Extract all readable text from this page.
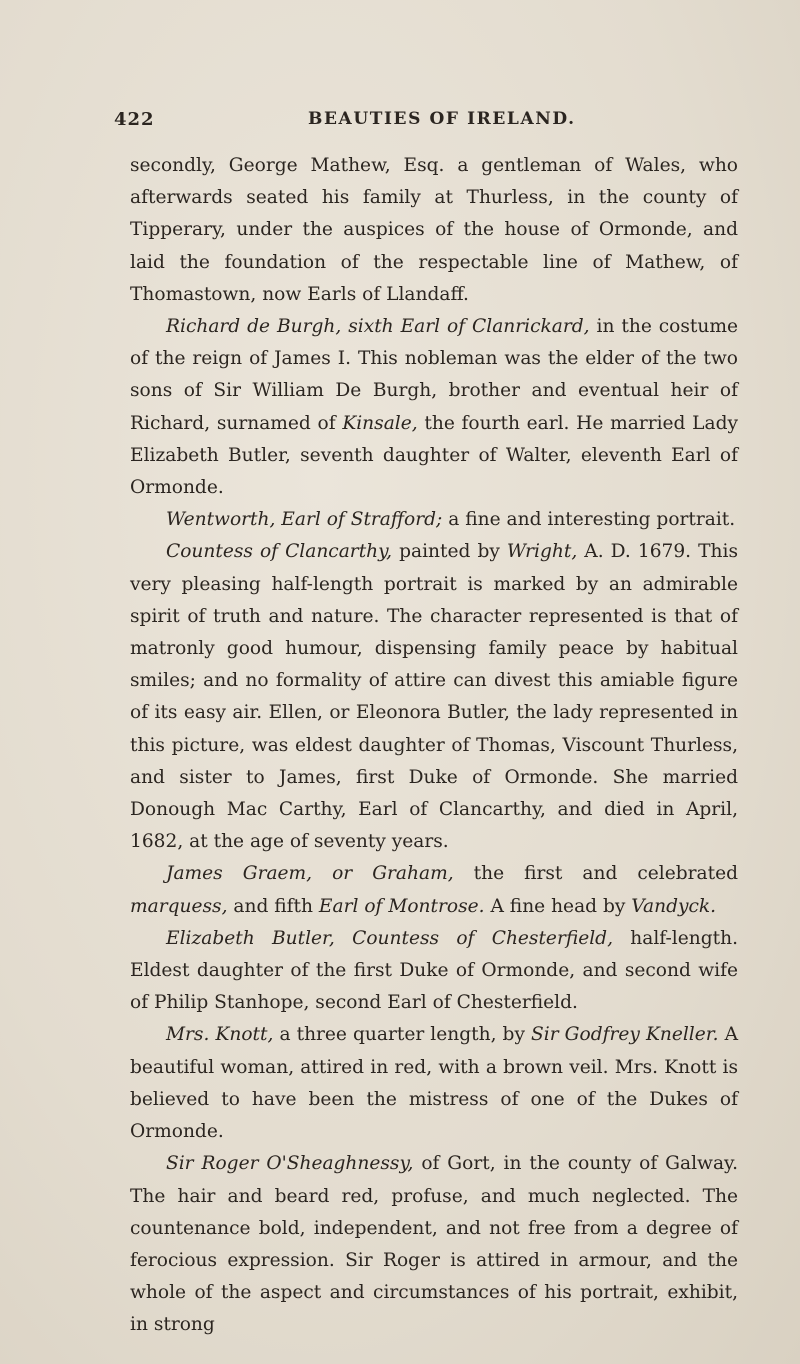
422	BEAUTIES OF IRELAND.

secondly, George Mathew, Esq. a gentleman of Wales, who afterwards seated his family at Thurless, in the county of Tipperary, under the auspices of the house of Ormonde, and laid the foundation of the respectable line of Mathew, of Thomastown, now Earls of Llandaff.

Richard de Burgh, sixth Earl of Clanrickard, in the costume of the reign of James I. This nobleman was the elder of the two sons of Sir William De Burgh, brother and eventual heir of Richard, surnamed of Kinsale, the fourth earl. He married Lady Elizabeth Butler, seventh daughter of Walter, eleventh Earl of Ormonde.

Wentworth, Earl of Strafford; a fine and interesting portrait.

Countess of Clancarthy, painted by Wright, A. D. 1679. This very pleasing half-length portrait is marked by an admirable spirit of truth and nature. The character represented is that of matronly good humour, dispensing family peace by habitual smiles; and no formality of attire can divest this amiable figure of its easy air. Ellen, or Eleonora Butler, the lady represented in this picture, was eldest daughter of Thomas, Viscount Thurless, and sister to James, first Duke of Ormonde. She married Donough Mac Carthy, Earl of Clancarthy, and died in April, 1682, at the age of seventy years.

James Graem, or Graham, the first and celebrated marquess, and fifth Earl of Montrose. A fine head by Vandyck.

Elizabeth Butler, Countess of Chesterfield, half-length. Eldest daughter of the first Duke of Ormonde, and second wife of Philip Stanhope, second Earl of Chesterfield.

Mrs. Knott, a three quarter length, by Sir Godfrey Kneller. A beautiful woman, attired in red, with a brown veil. Mrs. Knott is believed to have been the mistress of one of the Dukes of Ormonde.

Sir Roger O'Sheaghnessy, of Gort, in the county of Galway. The hair and beard red, profuse, and much neglected. The countenance bold, independent, and not free from a degree of ferocious expression. Sir Roger is attired in armour, and the whole of the aspect and circumstances of his portrait, exhibit, in strong
